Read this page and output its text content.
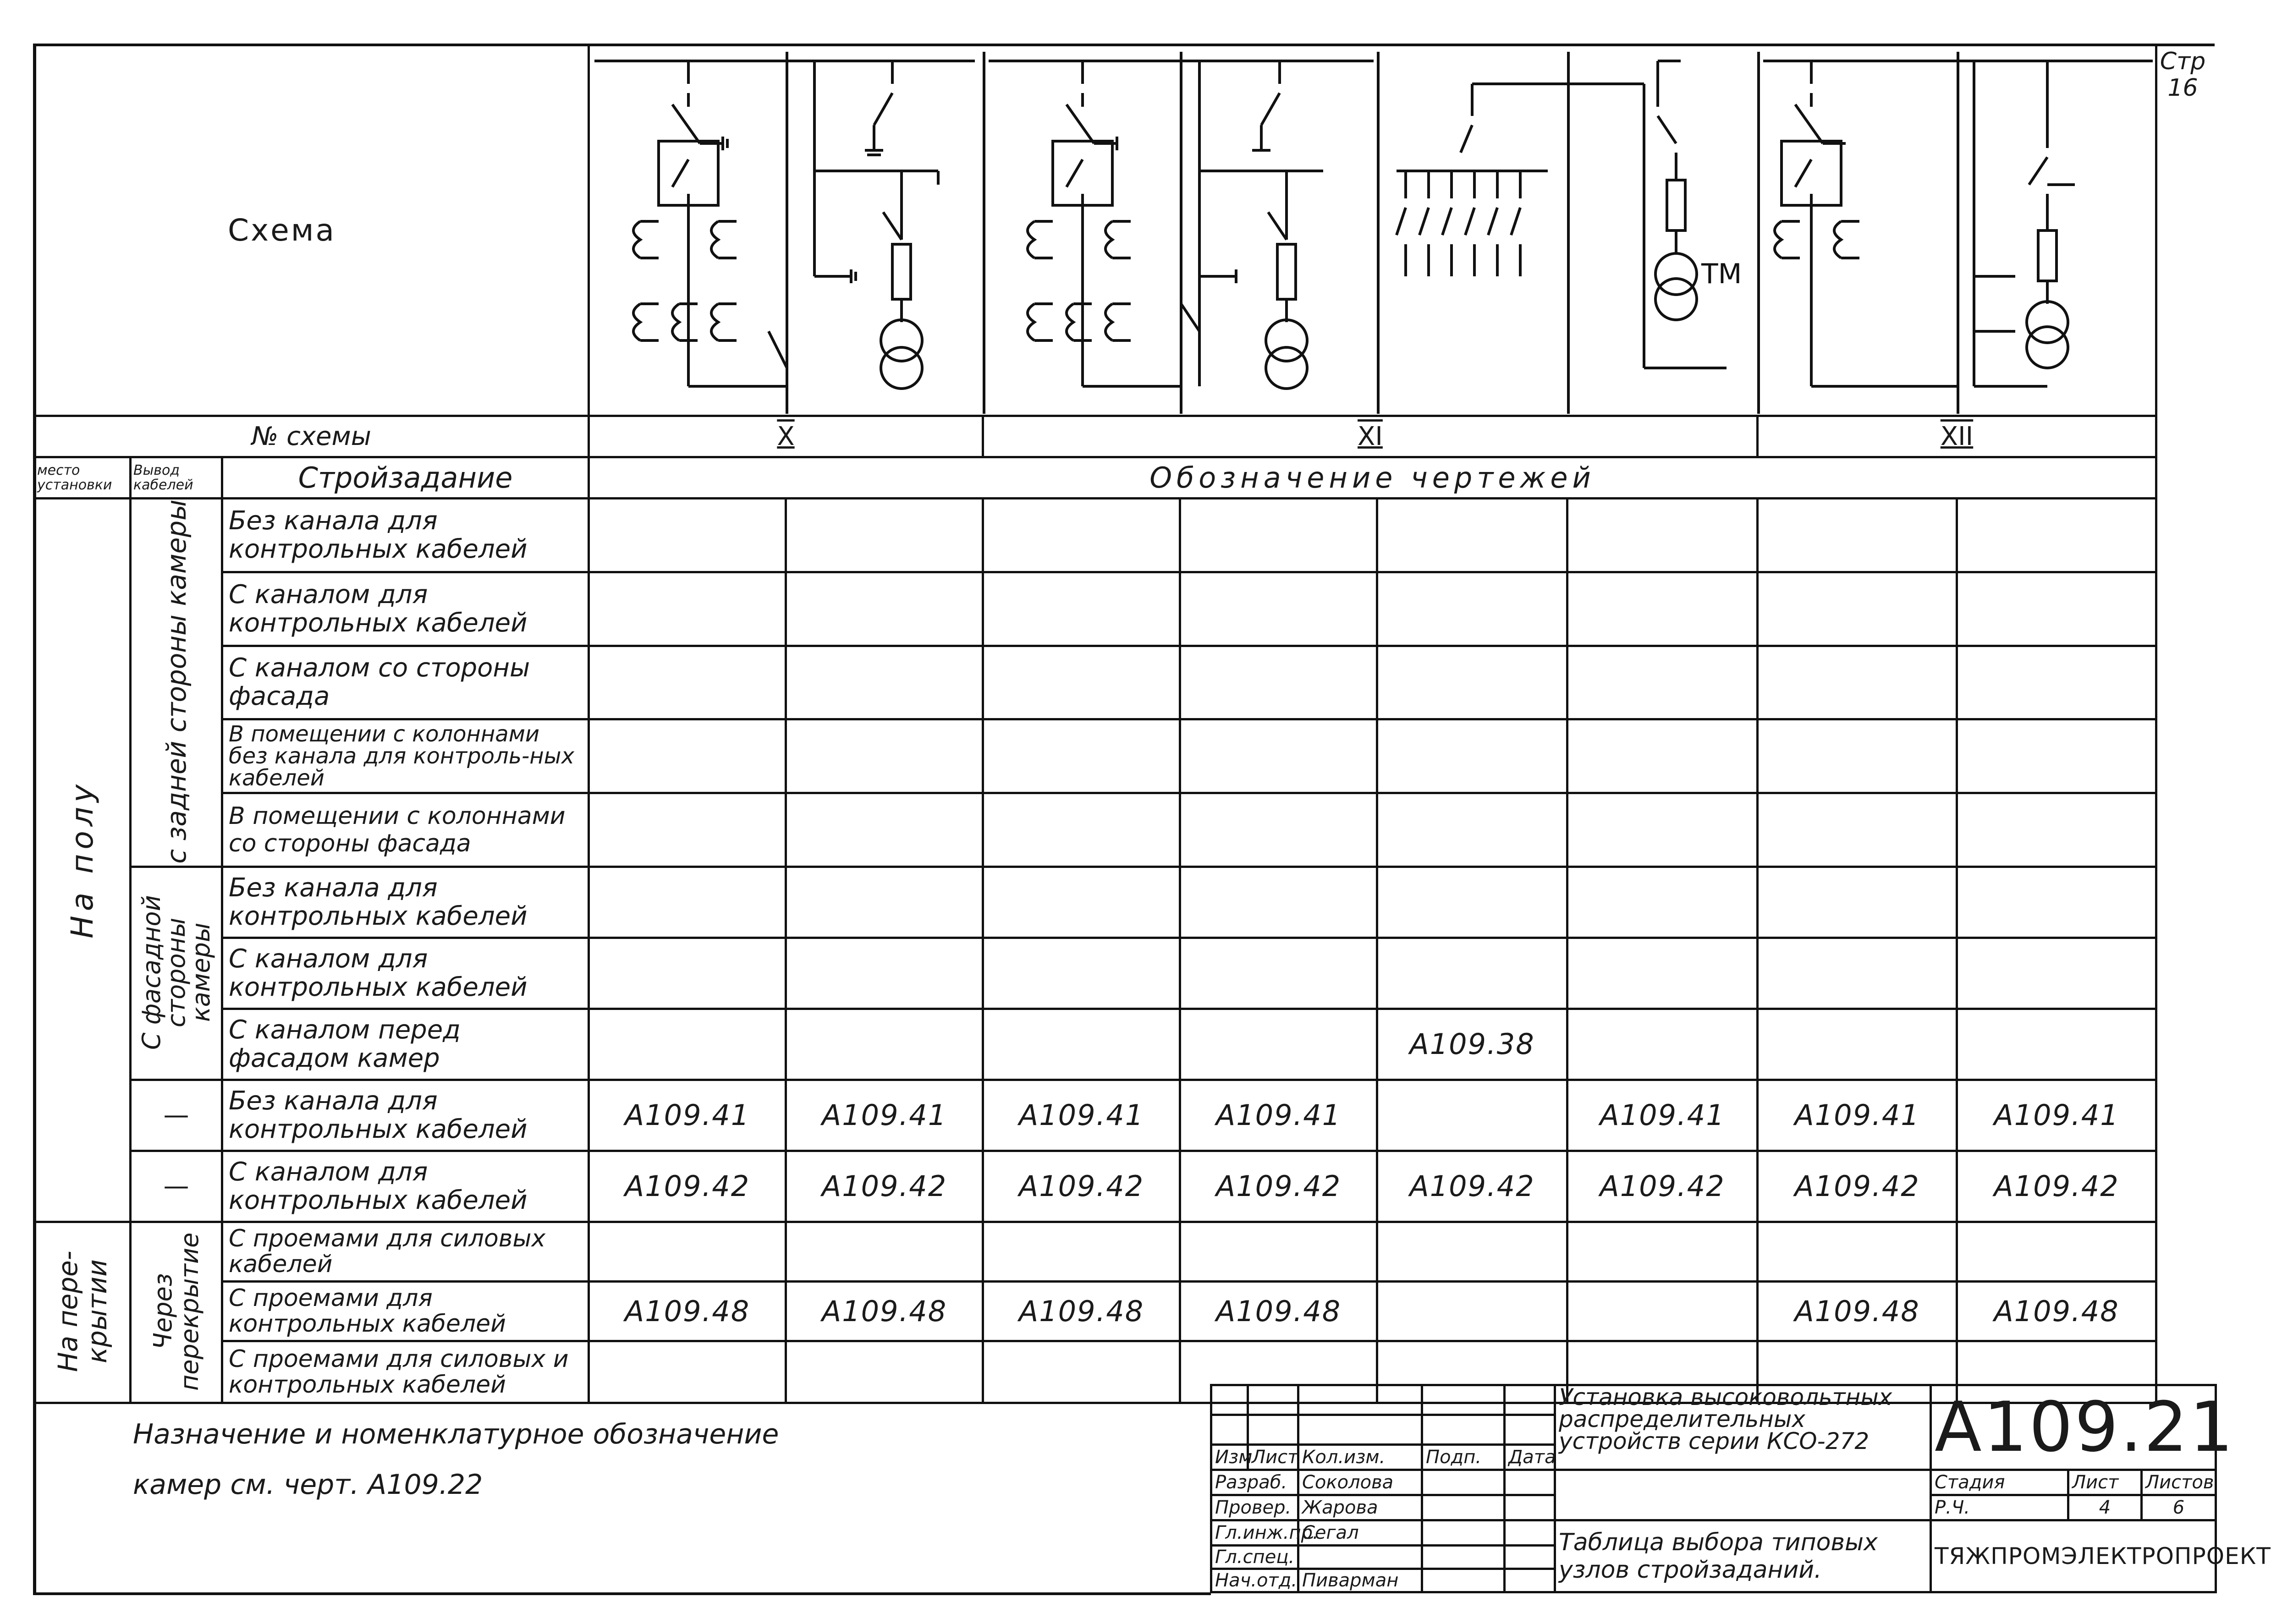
Схема			ТМ							

№ схемы			X		XI				XII	
место установки	Вывод кабелей	Стройзадание	Обозначение чертежей							
На полу	с задней стороны камеры	Без канала для контрольных кабелей								
		С каналом для контрольных кабелей								
		С каналом со стороны фасада								
		В помещении с колоннами без канала для контроль-ных кабелей								
		В помещении с колоннами со стороны фасада								
	С фасадной стороны камеры	Без канала для контрольных кабелей								
		С каналом для контрольных кабелей								
		С каналом перед фасадом камер					А109.38			
	—	Без канала для контрольных кабелей	А109.41	А109.41	А109.41	А109.41		А109.41	А109.41	А109.41
	—	С каналом для контрольных кабелей	А109.42	А109.42	А109.42	А109.42	А109.42	А109.42	А109.42	А109.42
На пере-крытии	Через перекрытие	С проемами для силовых кабелей								
		С проемами для контрольных кабелей	А109.48	А109.48	А109.48	А109.48			А109.48	А109.48
		С проемами для силовых и контрольных кабелей								
Стр
16
Назначение и номенклатурное обозначение
камер см. черт. А109.22
					Установка высоковольтных распределительных устройств серии КСО-272	А109.21		

Изм	Лист	Кол.изм.	Подп.	Дата				
Разраб.		Соколова				Стадия	Лист	Листов
Провер.		Жарова				Р.Ч.	4	6
Гл.инж.пр.		Сегал			Таблица выбора типовых узлов стройзаданий.	ТЯЖПРОМЭЛЕКТРОПРОЕКТ		
Гл.спец.								
Нач.отд.		Пиварман						
